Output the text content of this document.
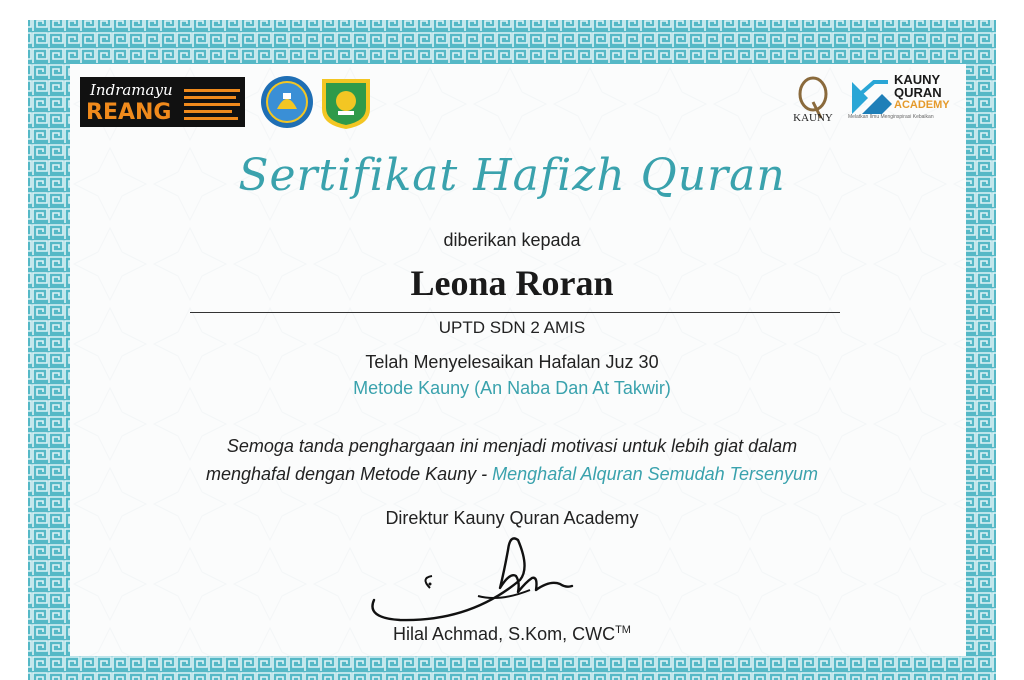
Indramayu
REANG	KAUNY
KAUNY
QURAN
ACADEMY
Melatkan Ilmu Menginspirasi Kebaikan
Sertifikat Hafizh Quran
diberikan kepada
Leona Roran
UPTD SDN 2 AMIS
Telah Menyelesaikan Hafalan Juz 30
Metode Kauny (An Naba Dan At Takwir)
Semoga tanda penghargaan ini menjadi motivasi untuk lebih giat dalam
menghafal dengan Metode Kauny - Menghafal Alquran Semudah Tersenyum
Direktur Kauny Quran Academy
Hilal Achmad, S.Kom, CWC™
